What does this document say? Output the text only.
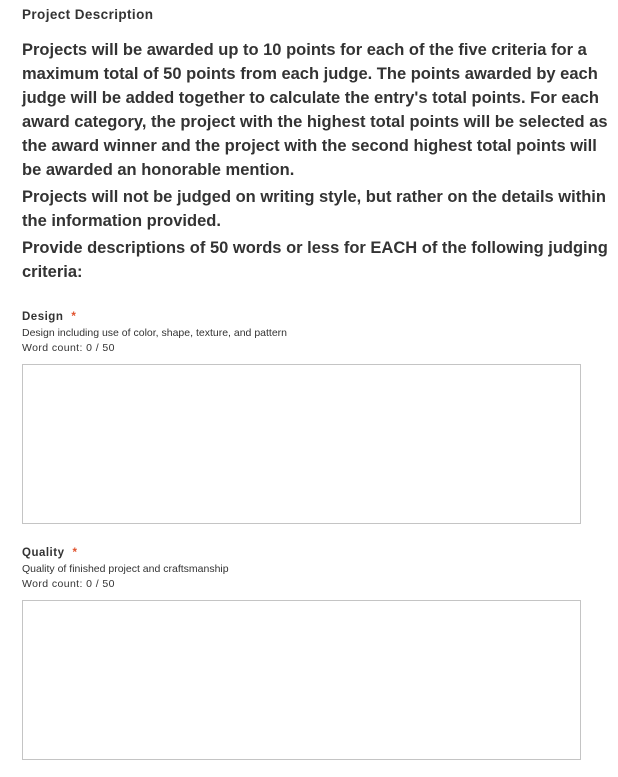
Project Description

Projects will be awarded up to 10 points for each of the five criteria for a maximum total of 50 points from each judge. The points awarded by each judge will be added together to calculate the entry's total points. For each award category, the project with the highest total points will be selected as the award winner and the project with the second highest total points will be awarded an honorable mention.

Projects will not be judged on writing style, but rather on the details within the information provided.

Provide descriptions of 50 words or less for EACH of the following judging criteria:

Design *
Design including use of color, shape, texture, and pattern
Word count: 0 / 50
Quality *
Quality of finished project and craftsmanship
Word count: 0 / 50
